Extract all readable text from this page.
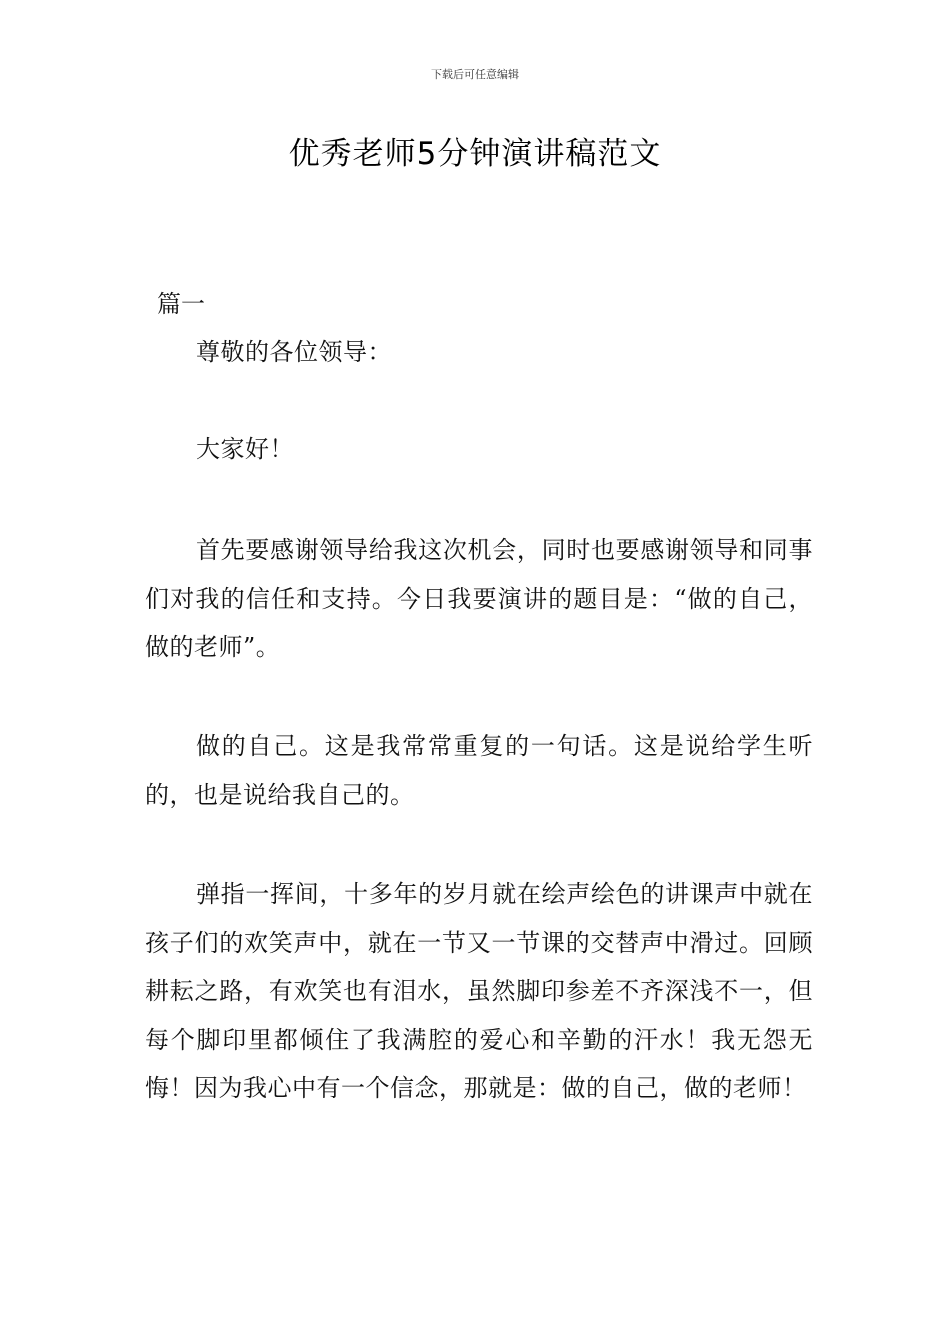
下载后可任意编辑
优秀老师5分钟演讲稿范文
篇一

尊敬的各位领导：

大家好！

首先要感谢领导给我这次机会，同时也要感谢领导和同事们对我的信任和支持。今日我要演讲的题目是：“做的自己，做的老师”。

做的自己。这是我常常重复的一句话。这是说给学生听的，也是说给我自己的。

弹指一挥间，十多年的岁月就在绘声绘色的讲课声中就在孩子们的欢笑声中，就在一节又一节课的交替声中滑过。回顾耕耘之路，有欢笑也有泪水，虽然脚印参差不齐深浅不一，但每个脚印里都倾住了我满腔的爱心和辛勤的汗水！我无怨无悔！因为我心中有一个信念，那就是：做的自己，做的老师！
